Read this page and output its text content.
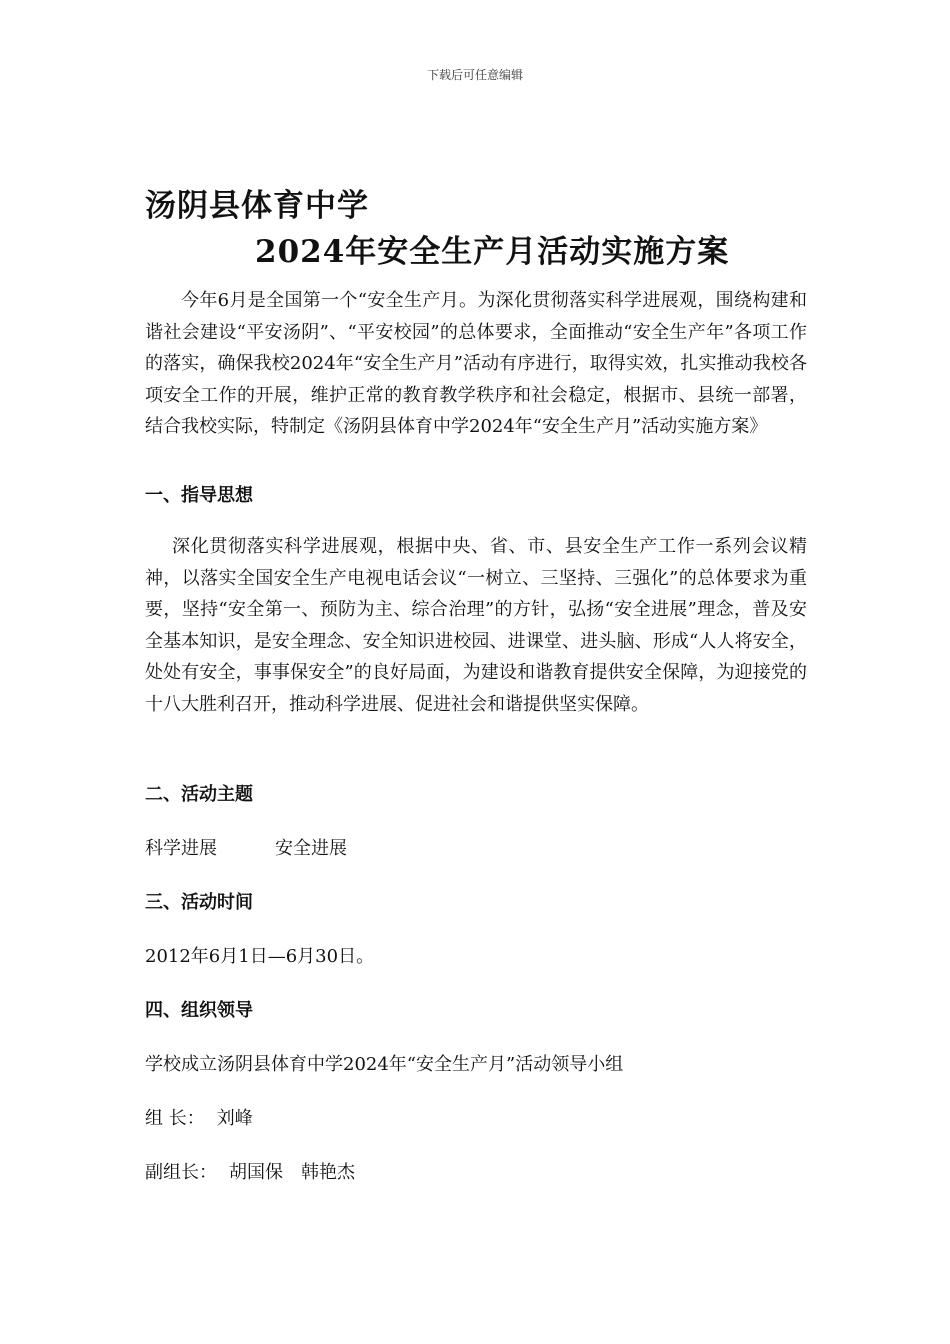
下载后可任意编辑
汤阴县体育中学
2024年安全生产月活动实施方案

今年6月是全国第一个“安全生产月。为深化贯彻落实科学进展观，围绕构建和谐社会建设“平安汤阴”、“平安校园”的总体要求，全面推动“安全生产年”各项工作的落实，确保我校2024年“安全生产月”活动有序进行，取得实效，扎实推动我校各项安全工作的开展，维护正常的教育教学秩序和社会稳定，根据市、县统一部署，结合我校实际，特制定《汤阴县体育中学2024年“安全生产月”活动实施方案》

一、指导思想

深化贯彻落实科学进展观，根据中央、省、市、县安全生产工作一系列会议精神，以落实全国安全生产电视电话会议“一树立、三坚持、三强化”的总体要求为重要，坚持“安全第一、预防为主、综合治理”的方针，弘扬“安全进展”理念，普及安全基本知识，是安全理念、安全知识进校园、进课堂、进头脑、形成“人人将安全，处处有安全，事事保安全”的良好局面，为建设和谐教育提供安全保障，为迎接党的十八大胜利召开，推动科学进展、促进社会和谐提供坚实保障。

二、活动主题
科学进展	安全进展
三、活动时间
2012年6月1日—6月30日。
四、组织领导
学校成立汤阴县体育中学2024年“安全生产月”活动领导小组
组 长： 刘峰
副组长： 胡国保　韩艳杰
